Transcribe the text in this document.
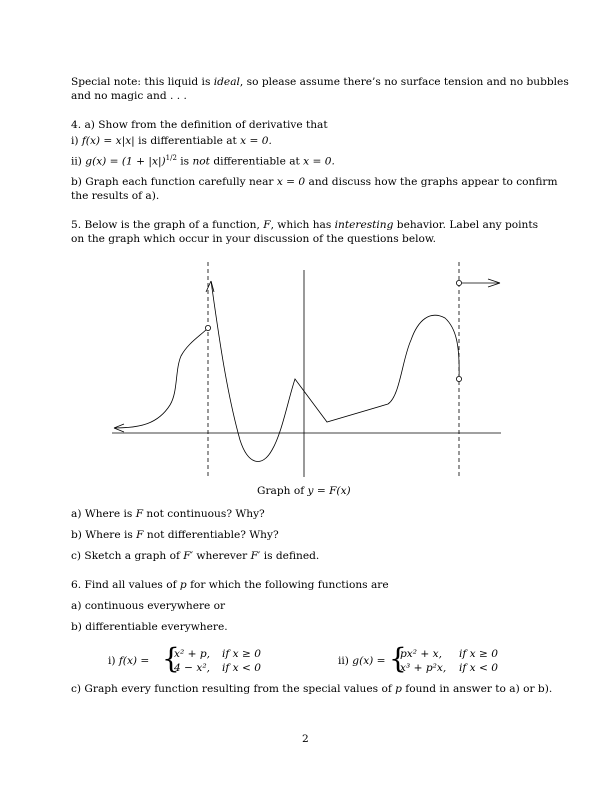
Special note: this liquid is ideal, so please assume there’s no surface tension and no bubbles
and no magic and . . .
4. a) Show from the definition of derivative that
i) f(x) = x|x| is differentiable at x = 0.
ii) $g(x) = (1 + |x|)^{1/2}$ is not differentiable at x = 0.
b) Graph each function carefully near x = 0 and discuss how the graphs appear to confirm
the results of a).
5. Below is the graph of a function, F, which has interesting behavior. Label any points
on the graph which occur in your discussion of the questions below.
Graph of y = F(x)
a) Where is F not continuous? Why?
b) Where is F not differentiable? Why?
c) Sketch a graph of F′ wherever F′ is defined.
6. Find all values of p for which the following functions are
a) continuous everywhere or
b) differentiable everywhere.
i) f(x) = {
x² + p, if x ≥ 0
4 − x², if x < 0
ii) g(x) = {
px² + x, if x ≥ 0
x³ + p²x, if x < 0
c) Graph every function resulting from the special values of p found in answer to a) or b).
2
